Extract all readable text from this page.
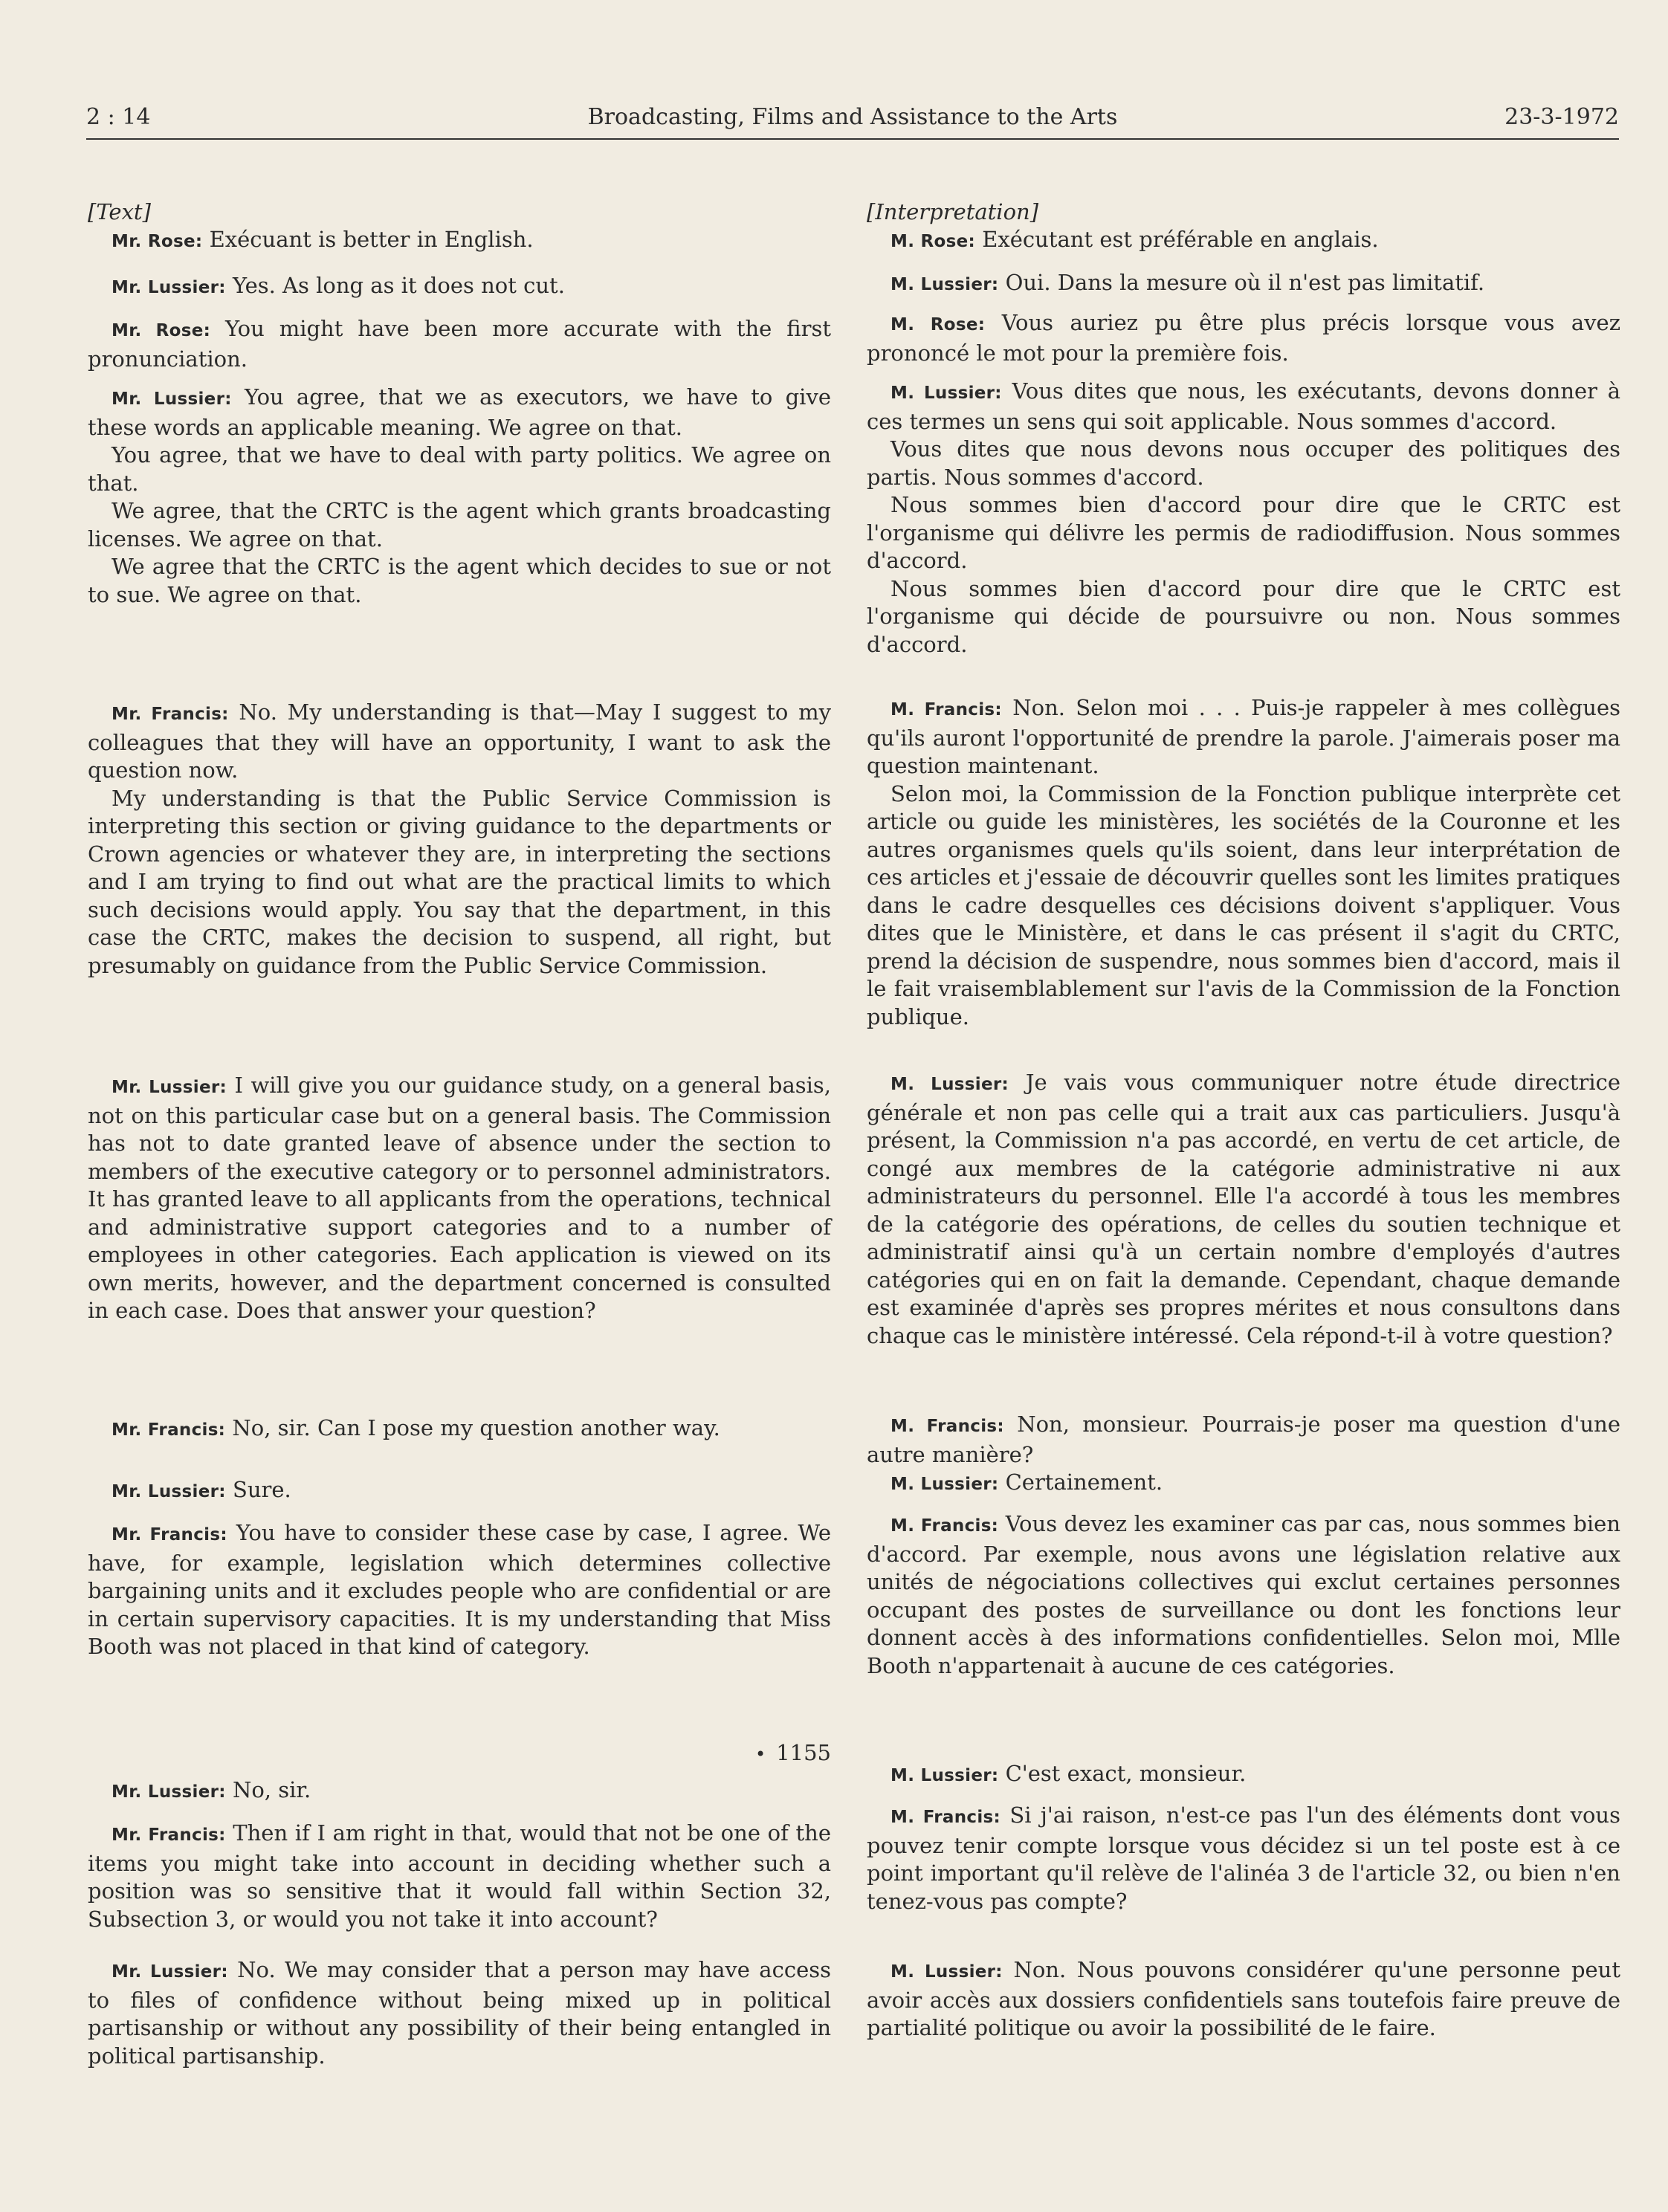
2 : 14	Broadcasting, Films and Assistance to the Arts	23-3-1972
[Text]

Mr. Rose: Exécuant is better in English.

Mr. Lussier: Yes. As long as it does not cut.

Mr. Rose: You might have been more accurate with the first pronunciation.

Mr. Lussier: You agree, that we as executors, we have to give these words an applicable meaning. We agree on that.

You agree, that we have to deal with party politics. We agree on that.

We agree, that the CRTC is the agent which grants broadcasting licenses. We agree on that.

We agree that the CRTC is the agent which decides to sue or not to sue. We agree on that.

Mr. Francis: No. My understanding is that—May I suggest to my colleagues that they will have an opportunity, I want to ask the question now.

My understanding is that the Public Service Commission is interpreting this section or giving guidance to the departments or Crown agencies or whatever they are, in interpreting the sections and I am trying to find out what are the practical limits to which such decisions would apply. You say that the department, in this case the CRTC, makes the decision to suspend, all right, but presumably on guidance from the Public Service Commission.

Mr. Lussier: I will give you our guidance study, on a general basis, not on this particular case but on a general basis. The Commission has not to date granted leave of absence under the section to members of the executive category or to personnel administrators. It has granted leave to all applicants from the operations, technical and administrative support categories and to a number of employees in other categories. Each application is viewed on its own merits, however, and the department concerned is consulted in each case. Does that answer your question?

Mr. Francis: No, sir. Can I pose my question another way.

Mr. Lussier: Sure.

Mr. Francis: You have to consider these case by case, I agree. We have, for example, legislation which determines collective bargaining units and it excludes people who are confidential or are in certain supervisory capacities. It is my understanding that Miss Booth was not placed in that kind of category.

• 1155

Mr. Lussier: No, sir.

Mr. Francis: Then if I am right in that, would that not be one of the items you might take into account in deciding whether such a position was so sensitive that it would fall within Section 32, Subsection 3, or would you not take it into account?

Mr. Lussier: No. We may consider that a person may have access to files of confidence without being mixed up in political partisanship or without any possibility of their being entangled in political partisanship.

[Interpretation]

M. Rose: Exécutant est préférable en anglais.

M. Lussier: Oui. Dans la mesure où il n'est pas limitatif.

M. Rose: Vous auriez pu être plus précis lorsque vous avez prononcé le mot pour la première fois.

M. Lussier: Vous dites que nous, les exécutants, devons donner à ces termes un sens qui soit applicable. Nous sommes d'accord.

Vous dites que nous devons nous occuper des politiques des partis. Nous sommes d'accord.

Nous sommes bien d'accord pour dire que le CRTC est l'organisme qui délivre les permis de radiodiffusion. Nous sommes d'accord.

Nous sommes bien d'accord pour dire que le CRTC est l'organisme qui décide de poursuivre ou non. Nous sommes d'accord.

M. Francis: Non. Selon moi . . . Puis-je rappeler à mes collègues qu'ils auront l'opportunité de prendre la parole. J'aimerais poser ma question maintenant.

Selon moi, la Commission de la Fonction publique interprète cet article ou guide les ministères, les sociétés de la Couronne et les autres organismes quels qu'ils soient, dans leur interprétation de ces articles et j'essaie de découvrir quelles sont les limites pratiques dans le cadre desquelles ces décisions doivent s'appliquer. Vous dites que le Ministère, et dans le cas présent il s'agit du CRTC, prend la décision de suspendre, nous sommes bien d'accord, mais il le fait vraisemblablement sur l'avis de la Commission de la Fonction publique.

M. Lussier: Je vais vous communiquer notre étude directrice générale et non pas celle qui a trait aux cas particuliers. Jusqu'à présent, la Commission n'a pas accordé, en vertu de cet article, de congé aux membres de la catégorie administrative ni aux administrateurs du personnel. Elle l'a accordé à tous les membres de la catégorie des opérations, de celles du soutien technique et administratif ainsi qu'à un certain nombre d'employés d'autres catégories qui en on fait la demande. Cependant, chaque demande est examinée d'après ses propres mérites et nous consultons dans chaque cas le ministère intéressé. Cela répond-t-il à votre question?

M. Francis: Non, monsieur. Pourrais-je poser ma question d'une autre manière?

M. Lussier: Certainement.

M. Francis: Vous devez les examiner cas par cas, nous sommes bien d'accord. Par exemple, nous avons une législation relative aux unités de négociations collectives qui exclut certaines personnes occupant des postes de surveillance ou dont les fonctions leur donnent accès à des informations confidentielles. Selon moi, Mlle Booth n'appartenait à aucune de ces catégories.

M. Lussier: C'est exact, monsieur.

M. Francis: Si j'ai raison, n'est-ce pas l'un des éléments dont vous pouvez tenir compte lorsque vous décidez si un tel poste est à ce point important qu'il relève de l'alinéa 3 de l'article 32, ou bien n'en tenez-vous pas compte?

M. Lussier: Non. Nous pouvons considérer qu'une personne peut avoir accès aux dossiers confidentiels sans toutefois faire preuve de partialité politique ou avoir la possibilité de le faire.
